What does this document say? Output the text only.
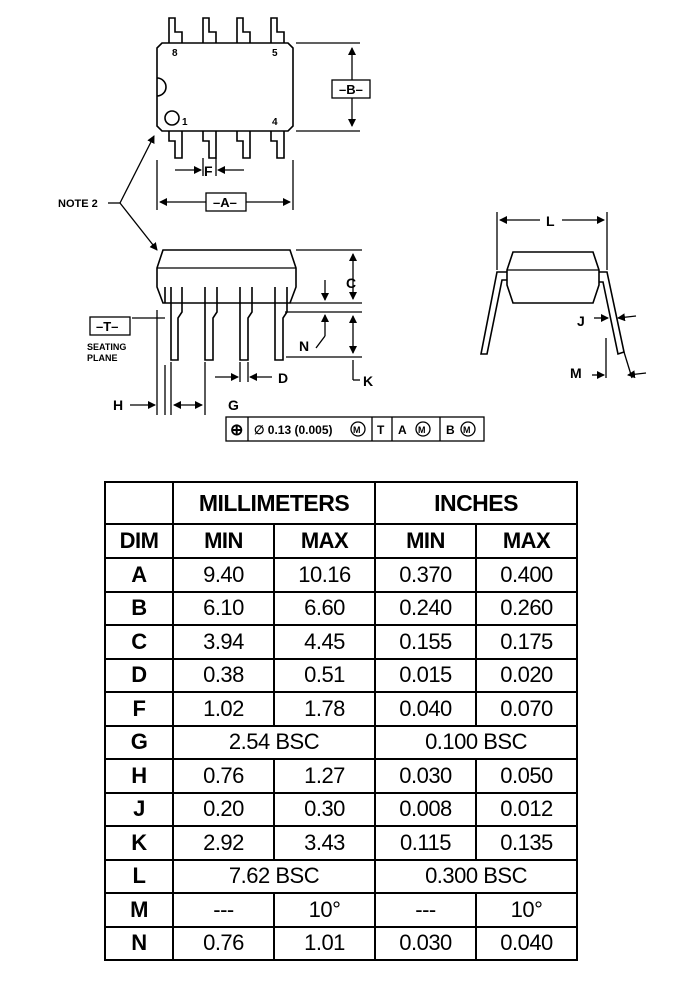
8	5
1	4
–B–
F
–A–
NOTE 2
C
N
K
–T–
SEATING
PLANE
H	G
D
⊕ ∅ 0.13 (0.005) M T A M B M
L
J
M
	MILLIMETERS		INCHES	
DIM	MIN	MAX	MIN	MAX
A	9.40	10.16	0.370	0.400
B	6.10	6.60	0.240	0.260
C	3.94	4.45	0.155	0.175
D	0.38	0.51	0.015	0.020
F	1.02	1.78	0.040	0.070
G	2.54 BSC		0.100 BSC	
H	0.76	1.27	0.030	0.050
J	0.20	0.30	0.008	0.012
K	2.92	3.43	0.115	0.135
L	7.62 BSC		0.300 BSC	
M	---	10°	---	10°
N	0.76	1.01	0.030	0.040
